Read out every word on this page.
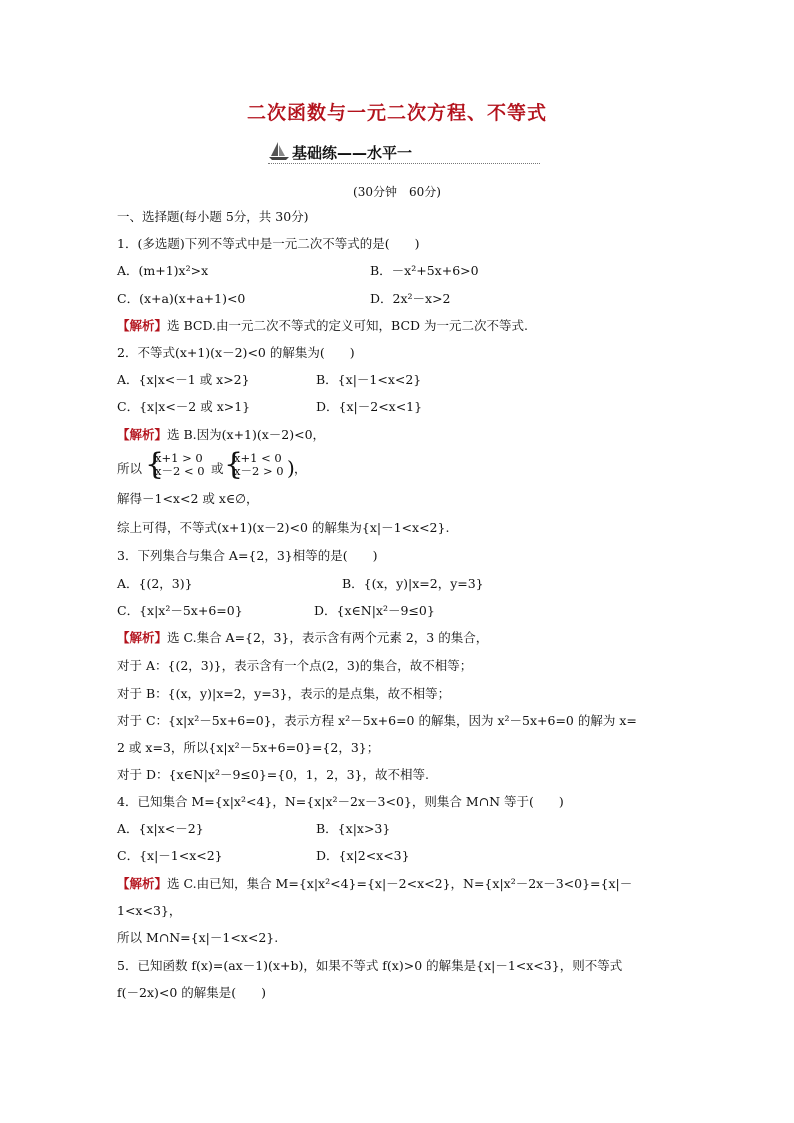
二次函数与一元二次方程、不等式
基础练——水平一
(30分钟　60分)
一、选择题(每小题 5分，共 30分)
1．(多选题)下列不等式中是一元二次不等式的是(　　)
A．(m+1)x²>x	B．－x²+5x+6>0
C．(x+a)(x+a+1)<0	D．2x²－x>2
【解析】选 BCD.由一元二次不等式的定义可知，BCD 为一元二次不等式.
2．不等式(x+1)(x－2)<0 的解集为(　　)
A．{x|x<－1 或 x>2}	B．{x|－1<x<2}
C．{x|x<－2 或 x>1}	D．{x|－2<x<1}
【解析】选 B.因为(x+1)(x－2)<0，
所以 {
x+1 > 0
x－2 < 0 或 {
x+1 < 0
x－2 > 0 ) ，
解得－1<x<2 或 x∈∅，
综上可得，不等式(x+1)(x－2)<0 的解集为{x|－1<x<2}.
3．下列集合与集合 A={2，3}相等的是(　　)
A．{(2，3)}	B．{(x，y)|x=2，y=3}
C．{x|x²－5x+6=0}	D．{x∈N|x²－9≤0}
【解析】选 C.集合 A={2，3}，表示含有两个元素 2，3 的集合，
对于 A：{(2，3)}，表示含有一个点(2，3)的集合，故不相等；
对于 B：{(x，y)|x=2，y=3}，表示的是点集，故不相等；
对于 C：{x|x²－5x+6=0}，表示方程 x²－5x+6=0 的解集，因为 x²－5x+6=0 的解为 x=
2 或 x=3，所以{x|x²－5x+6=0}={2，3}；
对于 D：{x∈N|x²－9≤0}={0，1，2，3}，故不相等.
4．已知集合 M={x|x²<4}，N={x|x²－2x－3<0}，则集合 M∩N 等于(　　)
A．{x|x<－2}	B．{x|x>3}
C．{x|－1<x<2}	D．{x|2<x<3}
【解析】选 C.由已知，集合 M={x|x²<4}={x|－2<x<2}，N={x|x²－2x－3<0}={x|－
1<x<3}，
所以 M∩N={x|－1<x<2}.
5．已知函数 f(x)=(ax－1)(x+b)，如果不等式 f(x)>0 的解集是{x|－1<x<3}，则不等式
f(－2x)<0 的解集是(　　)
